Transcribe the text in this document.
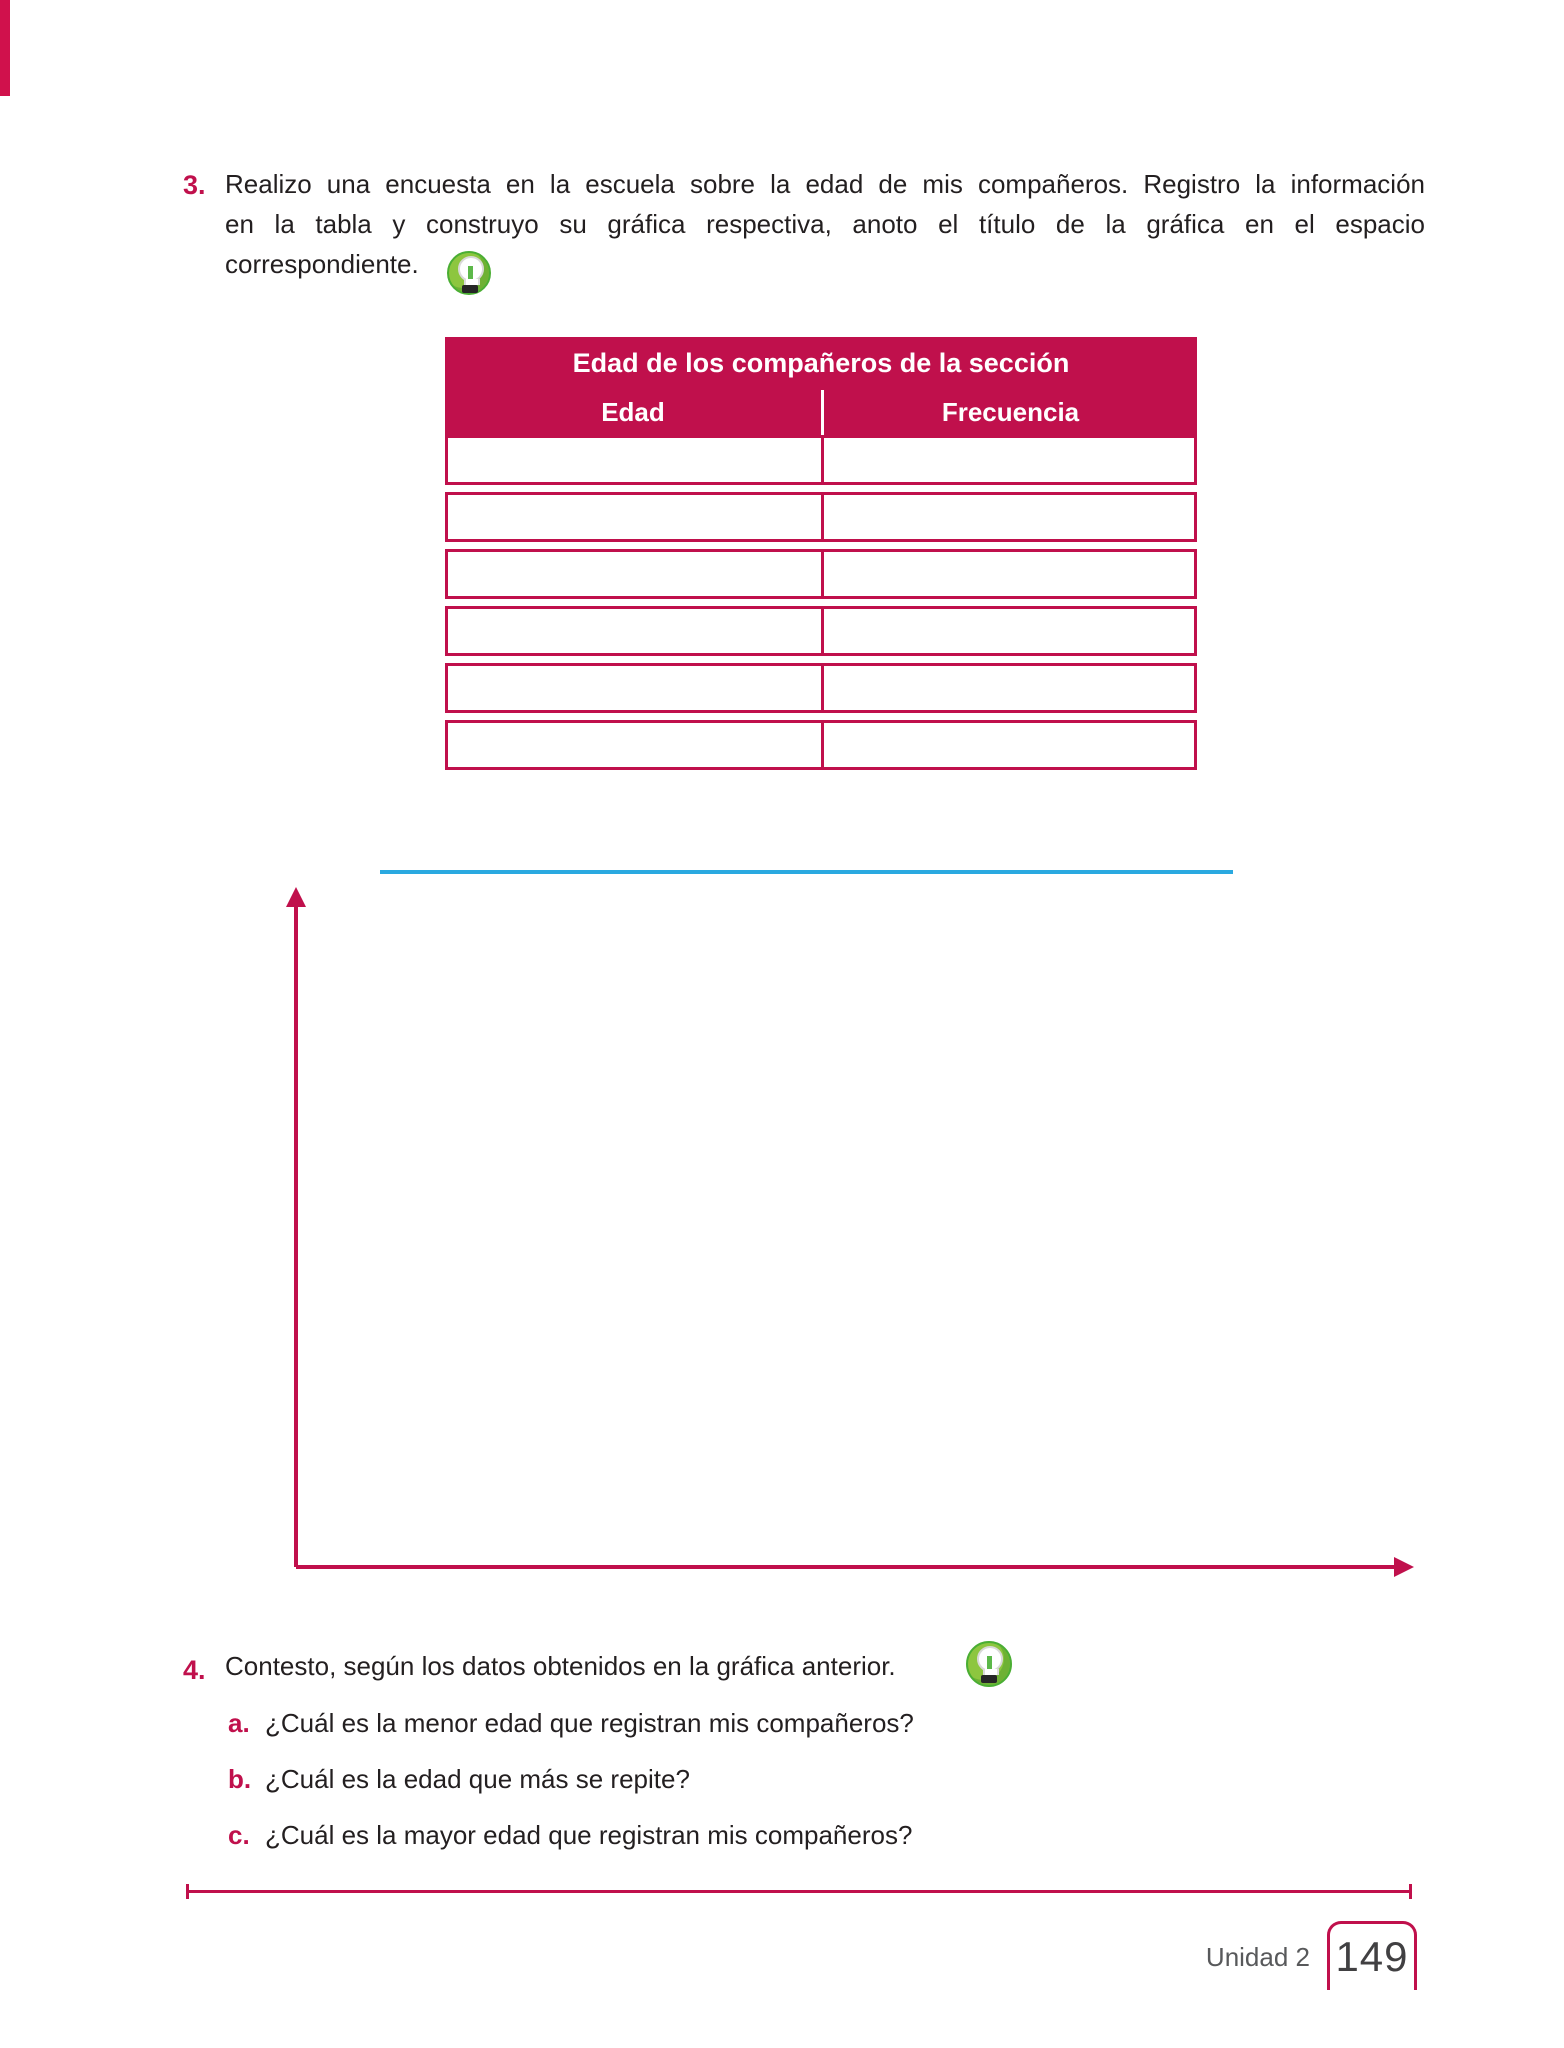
3. Realizo una encuesta en la escuela sobre la edad de mis compañeros. Registro la información
en la tabla y construyo su gráfica respectiva, anoto el título de la gráfica en el espacio
correspondiente.
Edad de los compañeros de la sección
Edad	Frecuencia
4. Contesto, según los datos obtenidos en la gráfica anterior.
a. ¿Cuál es la menor edad que registran mis compañeros?
b. ¿Cuál es la edad que más se repite?
c. ¿Cuál es la mayor edad que registran mis compañeros?
Unidad 2 149
